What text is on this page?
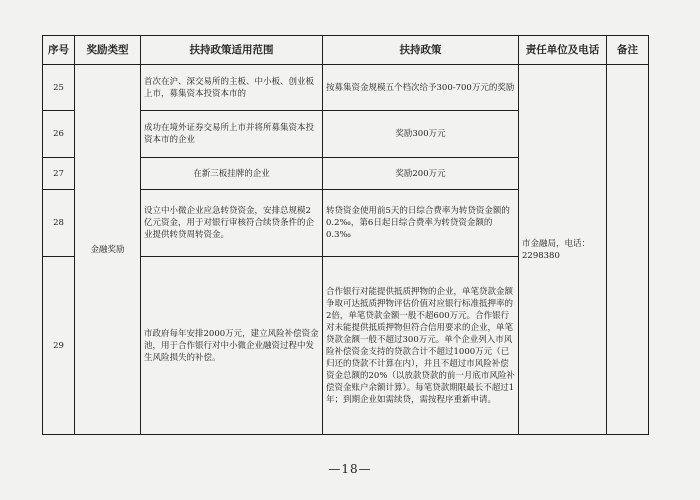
序号	奖励类型	扶持政策适用范围	扶持政策	责任单位及电话	备注
25	金融奖励	首次在沪、深交易所的主板、中小板、创业板上市，募集资本投资本市的	按募集资金规模五个档次给予300-700万元的奖励	市金融局，电话：2298380	
26		成功在境外证券交易所上市并将所募集资本投资本市的企业	奖励300万元		
27		在新三板挂牌的企业	奖励200万元		
28		设立中小微企业应急转贷资金，安排总规模2亿元资金，用于对银行审核符合续贷条件的企业提供转贷周转资金。	转贷资金使用前5天的日综合费率为转贷资金额的0.2‰，第6日起日综合费率为转贷资金额的0.3‰		
29		市政府每年安排2000万元，建立风险补偿资金池，用于合作银行对中小微企业融资过程中发生风险损失的补偿。	合作银行对能提供抵质押物的企业，单笔贷款金额争取可达抵质押物评估价值对应银行标准抵押率的2倍，单笔贷款金额一般不超600万元。合作银行对未能提供抵质押物但符合信用要求的企业，单笔贷款金额一般不超过300万元。单个企业列入市风险补偿资金支持的贷款合计不超过1000万元（已归还的贷款不计算在内），并且不超过市风险补偿资金总额的20%（以放款贷款的前一月底市风险补偿资金账户余额计算）。每笔贷款期限最长不超过1年；到期企业如需续贷，需按程序重新申请。		
—18—
